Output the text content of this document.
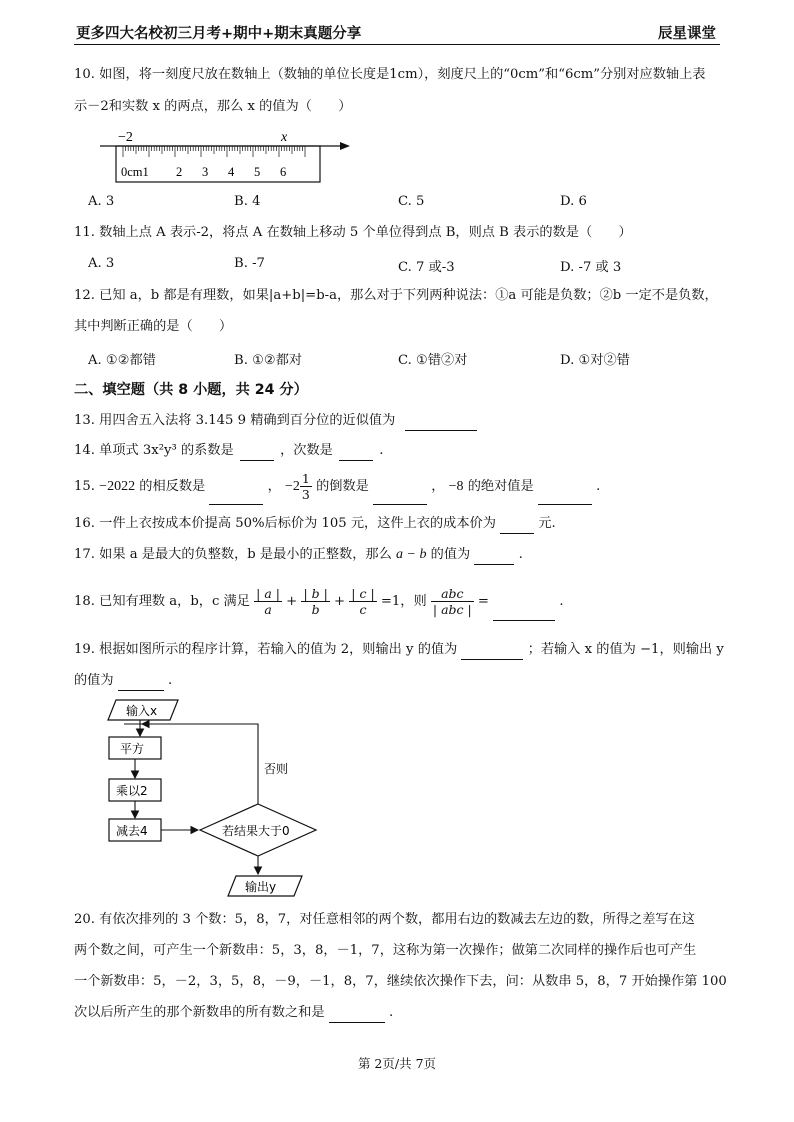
更多四大名校初三月考+期中+期末真题分享	辰星课堂
10. 如图，将一刻度尺放在数轴上（数轴的单位长度是1cm），刻度尺上的“0cm”和“6cm”分别对应数轴上表
示－2和实数 x 的两点，那么 x 的值为（　　）
−2	x
0cm1 2 3 4 5 6
A. 3	B. 4	C. 5	D. 6
11. 数轴上点 A 表示-2，将点 A 在数轴上移动 5 个单位得到点 B，则点 B 表示的数是（　　）
A. 3	B. -7	C. 7 或-3	D. -7 或 3
12. 已知 a，b 都是有理数，如果|a+b|=b-a，那么对于下列两种说法：①a 可能是负数；②b 一定不是负数，
其中判断正确的是（　　）
A. ①②都错	B. ①②都对	C. ①错②对	D. ①对②错
二、填空题（共 8 小题，共 24 分）
13. 用四舍五入法将 3.145 9 精确到百分位的近似值为
14. 单项式 3x²y³ 的系数是	，次数是	.
15. −2022 的相反数是	， $-2 \frac{1}{3}$ 的倒数是	， −8 的绝对值是	.
16. 一件上衣按成本价提高 50%后标价为 105 元，这件上衣的成本价为	元.
17. 如果 a 是最大的负整数，b 是最小的正整数，那么 a − b 的值为	.
18. 已知有理数 a，b，c 满足 $\frac{| a |}{a} + \frac{| b |}{b} + \frac{| c |}{c} =1$，则 $\frac{\text{abc}}{\text{| abc |}}$ =	.
19. 根据如图所示的程序计算，若输入的值为 2，则输出 y 的值为	；若输入 x 的值为 −1，则输出 y
的值为	.
输入x
平方
乘以2
减去4	若结果大于0
否则
输出y
20. 有依次排列的 3 个数：5，8，7，对任意相邻的两个数，都用右边的数减去左边的数，所得之差写在这
两个数之间，可产生一个新数串：5，3，8，－1，7，这称为第一次操作；做第二次同样的操作后也可产生
一个新数串：5，－2，3，5，8，－9，－1，8，7，继续依次操作下去，问：从数串 5，8，7 开始操作第 100
次以后所产生的那个新数串的所有数之和是	.
第 2页/共 7页
